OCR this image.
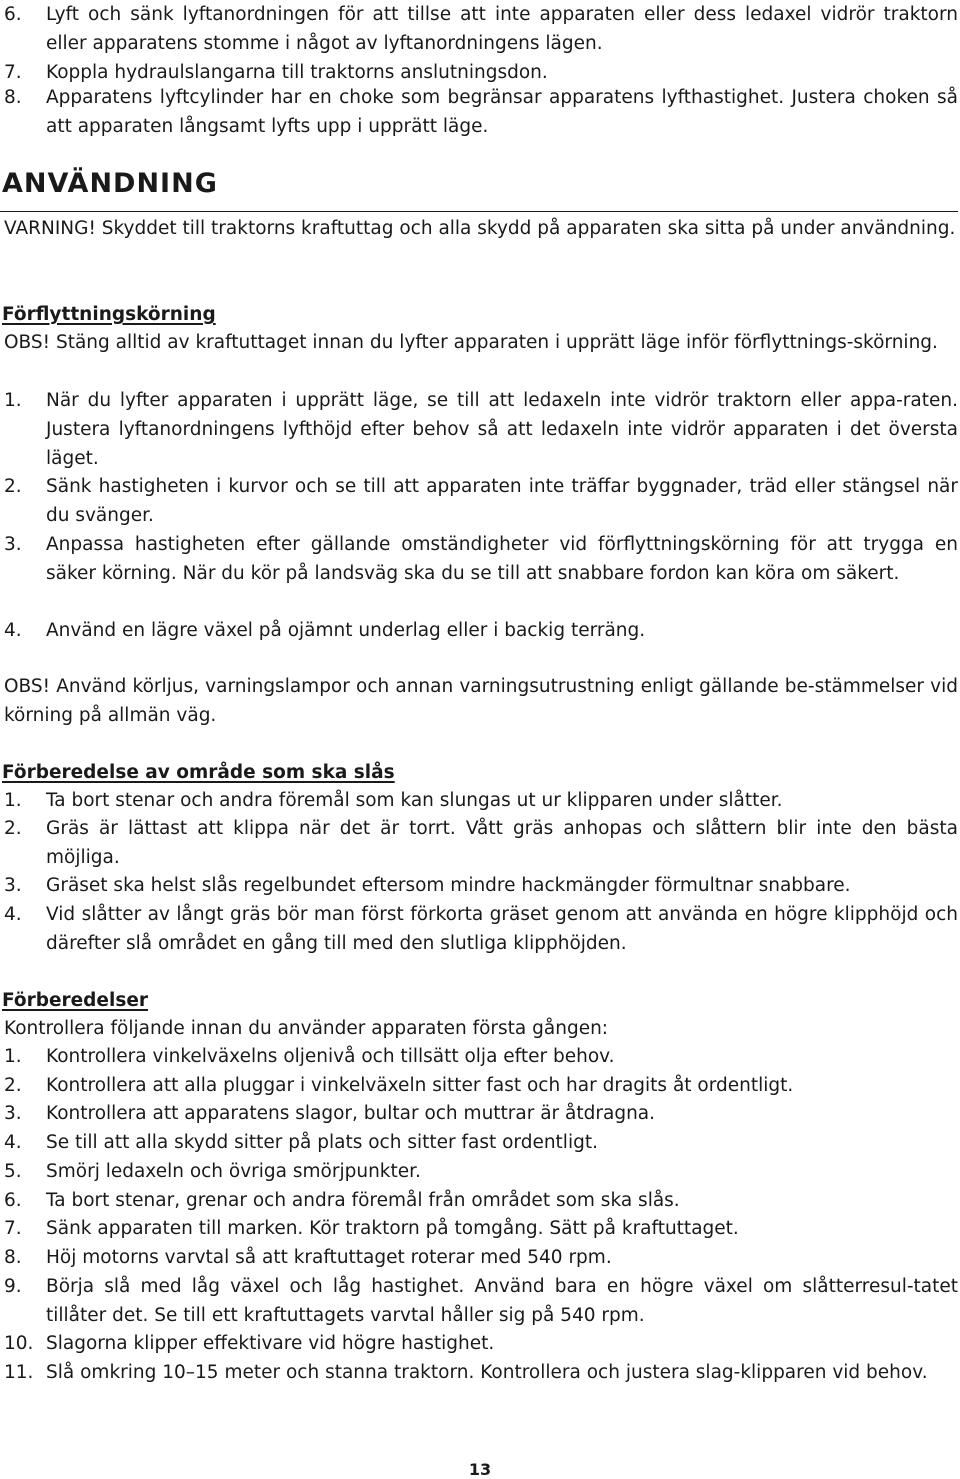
6.	Lyft och sänk lyftanordningen för att tillse att inte apparaten eller dess ledaxel vidrör traktorn eller apparatens stomme i något av lyftanordningens lägen.
7.	Koppla hydraulslangarna till traktorns anslutningsdon.
8.	Apparatens lyftcylinder har en choke som begränsar apparatens lyfthastighet. Justera choken så att apparaten långsamt lyfts upp i upprätt läge.
ANVÄNDNING
VARNING! Skyddet till traktorns kraftuttag och alla skydd på apparaten ska sitta på under användning.
Förflyttningskörning
OBS! Stäng alltid av kraftuttaget innan du lyfter apparaten i upprätt läge inför förflyttnings-skörning.
1.	När du lyfter apparaten i upprätt läge, se till att ledaxeln inte vidrör traktorn eller appa-raten. Justera lyftanordningens lyfthöjd efter behov så att ledaxeln inte vidrör apparaten i det översta läget.
2.	Sänk hastigheten i kurvor och se till att apparaten inte träffar byggnader, träd eller stängsel när du svänger.
3.	Anpassa hastigheten efter gällande omständigheter vid förflyttningskörning för att trygga en säker körning. När du kör på landsväg ska du se till att snabbare fordon kan köra om säkert.
4.	Använd en lägre växel på ojämnt underlag eller i backig terräng.
OBS! Använd körljus, varningslampor och annan varningsutrustning enligt gällande be-stämmelser vid körning på allmän väg.
Förberedelse av område som ska slås
1.	Ta bort stenar och andra föremål som kan slungas ut ur klipparen under slåtter.
2.	Gräs är lättast att klippa när det är torrt. Vått gräs anhopas och slåttern blir inte den bästa möjliga.
3.	Gräset ska helst slås regelbundet eftersom mindre hackmängder förmultnar snabbare.
4.	Vid slåtter av långt gräs bör man först förkorta gräset genom att använda en högre klipphöjd och därefter slå området en gång till med den slutliga klipphöjden.
Förberedelser
Kontrollera följande innan du använder apparaten första gången:
1.	Kontrollera vinkelväxelns oljenivå och tillsätt olja efter behov.
2.	Kontrollera att alla pluggar i vinkelväxeln sitter fast och har dragits åt ordentligt.
3.	Kontrollera att apparatens slagor, bultar och muttrar är åtdragna.
4.	Se till att alla skydd sitter på plats och sitter fast ordentligt.
5.	Smörj ledaxeln och övriga smörjpunkter.
6.	Ta bort stenar, grenar och andra föremål från området som ska slås.
7.	Sänk apparaten till marken. Kör traktorn på tomgång. Sätt på kraftuttaget.
8.	Höj motorns varvtal så att kraftuttaget roterar med 540 rpm.
9.	Börja slå med låg växel och låg hastighet. Använd bara en högre växel om slåtterresul-tatet tillåter det. Se till ett kraftuttagets varvtal håller sig på 540 rpm.
10. Slagorna klipper effektivare vid högre hastighet.
11. Slå omkring 10–15 meter och stanna traktorn. Kontrollera och justera slag-klipparen vid behov.
13
